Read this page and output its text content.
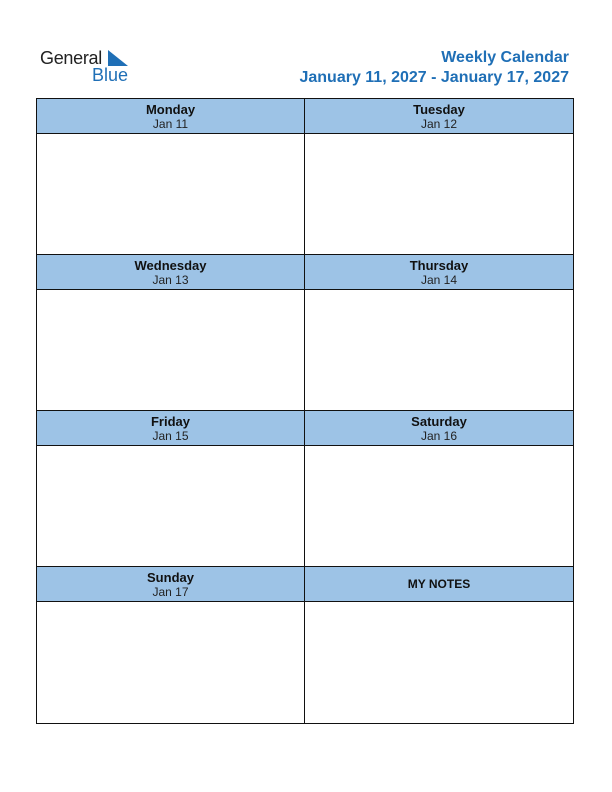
General
Blue
Weekly Calendar
January 11, 2027 - January 17, 2027
Monday
Jan 11
Tuesday
Jan 12
Wednesday
Jan 13
Thursday
Jan 14
Friday
Jan 15
Saturday
Jan 16
Sunday
Jan 17
MY NOTES
